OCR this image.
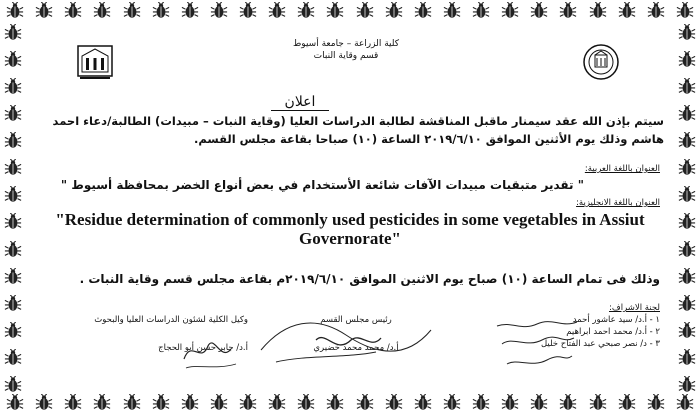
كلية الزراعة – جامعة أسيوط
قسم وقاية النبات
اعلان
سيتم بإذن الله عقد سيمنار ماقبل المناقشة لطالبة الدراسات العليا (وقاية النبات – مبيدات) الطالبة/دعاء احمد هاشم وذلك يوم الأثنين الموافق ٢٠١٩/٦/١٠ الساعة (١٠) صباحا بقاعة مجلس القسم.
العنوان باللغة العربية:
" تقدير متبقيات مبيدات الآفات شائعة الأستخدام في بعض أنواع الخضر بمحافظة أسيوط "
العنوان باللغة الانجليزية:
"Residue determination of commonly used pesticides in some vegetables in Assiut
Governorate"
وذلك فى تمام الساعة (١٠) صباح يوم الاثنين الموافق ٢٠١٩/٦/١٠م بقاعة مجلس قسم وقاية النبات .
لجنة الاشراف:
١ - أ.د/ سيد عاشور أحمد
٢ - أ.د/ محمد احمد ابراهيم
٣ - د/ نصر صبحي عبد الفتاح خليل
رئيس مجلس القسم
أ.د/ محمد محمد خضيري
وكيل الكلية لشئون الدراسات العليا والبحوث
أ.د/ جابر حسن أبو الحجاج
